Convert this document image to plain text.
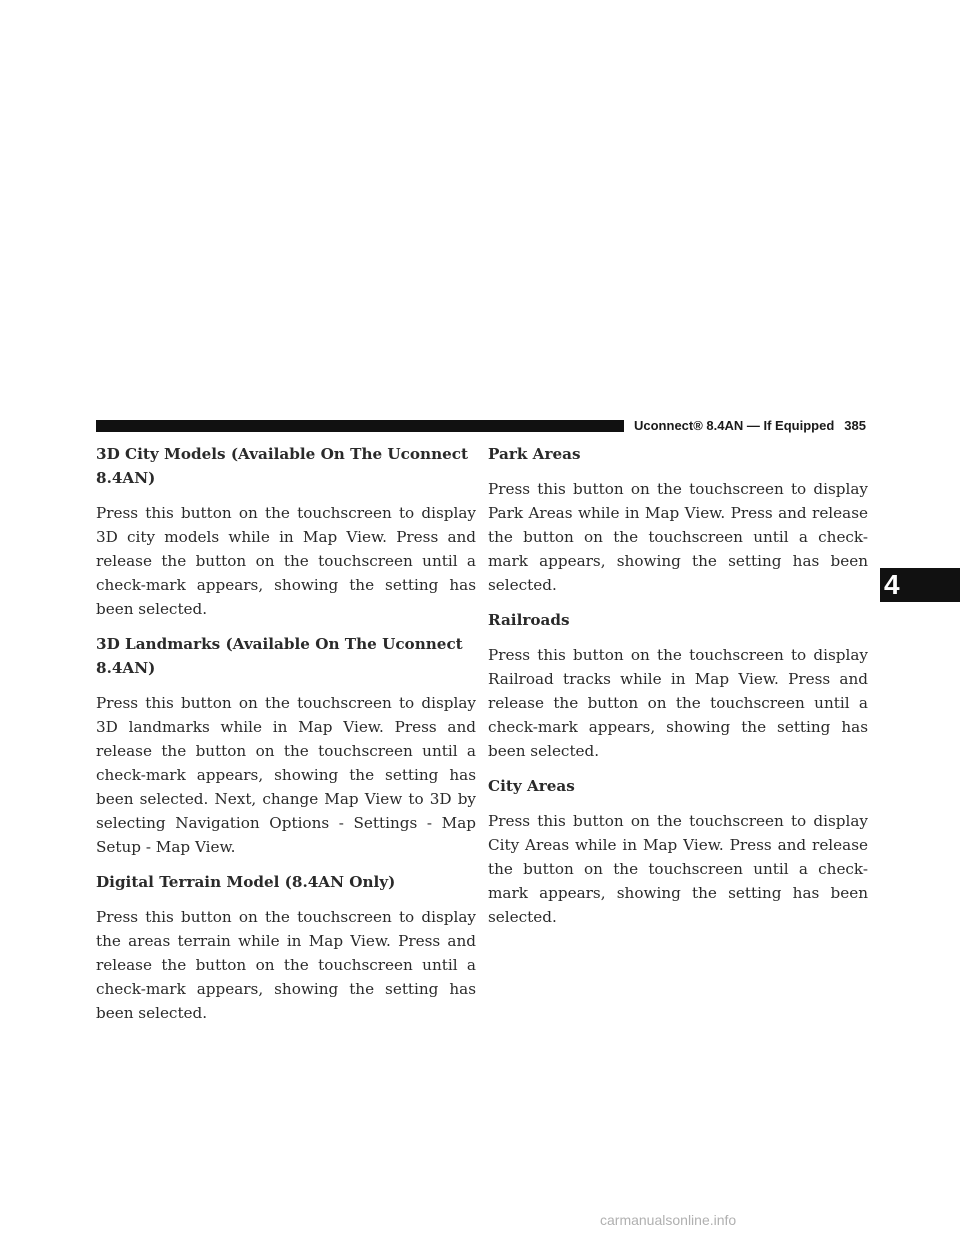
Uconnect® 8.4AN — If Equipped 385
3D City Models (Available On The Uconnect 8.4AN)
Press this button on the touchscreen to display 3D city models while in Map View. Press and release the button on the touchscreen until a check-mark appears, showing the setting has been selected.
3D Landmarks (Available On The Uconnect 8.4AN)
Press this button on the touchscreen to display 3D landmarks while in Map View. Press and release the button on the touchscreen until a check-mark appears, showing the setting has been selected. Next, change Map View to 3D by selecting Navigation Options - Settings - Map Setup - Map View.
Digital Terrain Model (8.4AN Only)
Press this button on the touchscreen to display the areas terrain while in Map View. Press and release the button on the touchscreen until a check-mark appears, showing the setting has been selected.
Park Areas
Press this button on the touchscreen to display Park Areas while in Map View. Press and release the button on the touchscreen until a check-mark appears, showing the setting has been selected.
Railroads
Press this button on the touchscreen to display Railroad tracks while in Map View. Press and release the button on the touchscreen until a check-mark appears, showing the setting has been selected.
City Areas
Press this button on the touchscreen to display City Areas while in Map View. Press and release the button on the touchscreen until a check-mark appears, showing the setting has been selected.
4
carmanualsonline.info
